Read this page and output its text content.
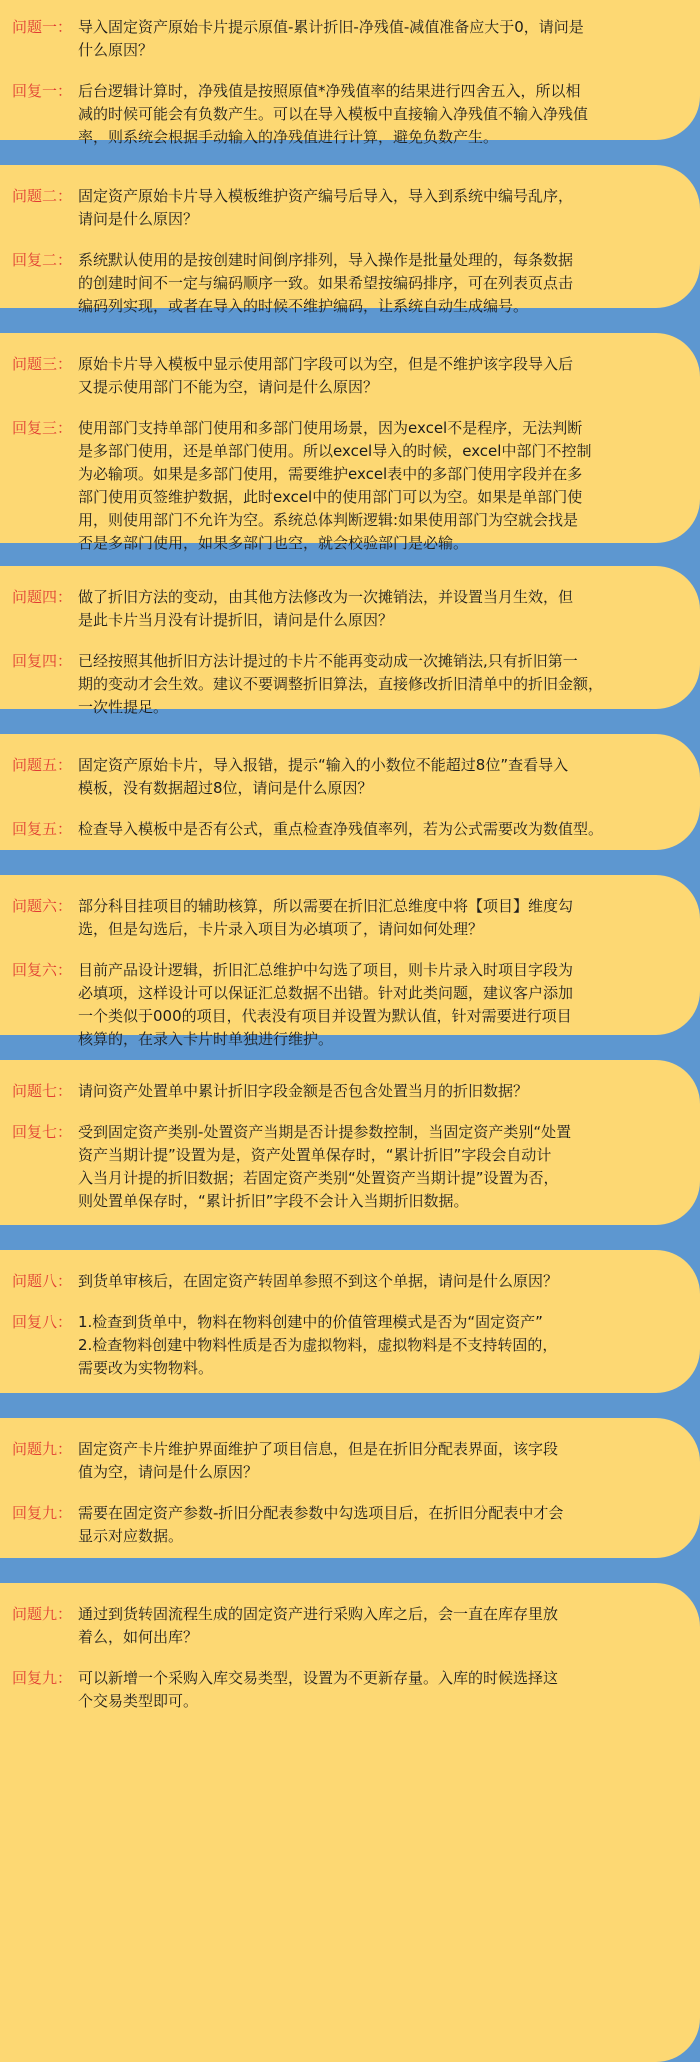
问题一： 导入固定资产原始卡片提示原值-累计折旧-净残值-减值准备应大于0，请问是
什么原因？
回复一： 后台逻辑计算时，净残值是按照原值*净残值率的结果进行四舍五入，所以相
减的时候可能会有负数产生。可以在导入模板中直接输入净残值不输入净残值
率，则系统会根据手动输入的净残值进行计算，避免负数产生。
问题二： 固定资产原始卡片导入模板维护资产编号后导入，导入到系统中编号乱序，
请问是什么原因？
回复二： 系统默认使用的是按创建时间倒序排列，导入操作是批量处理的，每条数据
的创建时间不一定与编码顺序一致。如果希望按编码排序，可在列表页点击
编码列实现，或者在导入的时候不维护编码，让系统自动生成编号。
问题三： 原始卡片导入模板中显示使用部门字段可以为空，但是不维护该字段导入后
又提示使用部门不能为空，请问是什么原因？
回复三： 使用部门支持单部门使用和多部门使用场景，因为excel不是程序，无法判断
是多部门使用，还是单部门使用。所以excel导入的时候，excel中部门不控制
为必输项。如果是多部门使用，需要维护excel表中的多部门使用字段并在多
部门使用页签维护数据，此时excel中的使用部门可以为空。如果是单部门使
用，则使用部门不允许为空。系统总体判断逻辑:如果使用部门为空就会找是
否是多部门使用，如果多部门也空，就会校验部门是必输。
问题四： 做了折旧方法的变动，由其他方法修改为一次摊销法，并设置当月生效，但
是此卡片当月没有计提折旧，请问是什么原因？
回复四： 已经按照其他折旧方法计提过的卡片不能再变动成一次摊销法,只有折旧第一
期的变动才会生效。建议不要调整折旧算法，直接修改折旧清单中的折旧金额，
一次性提足。
问题五： 固定资产原始卡片，导入报错，提示“输入的小数位不能超过8位”查看导入
模板，没有数据超过8位，请问是什么原因？
回复五： 检查导入模板中是否有公式，重点检查净残值率列，若为公式需要改为数值型。
问题六： 部分科目挂项目的辅助核算，所以需要在折旧汇总维度中将【项目】维度勾
选，但是勾选后，卡片录入项目为必填项了，请问如何处理？
回复六： 目前产品设计逻辑，折旧汇总维护中勾选了项目，则卡片录入时项目字段为
必填项，这样设计可以保证汇总数据不出错。针对此类问题，建议客户添加
一个类似于000的项目，代表没有项目并设置为默认值，针对需要进行项目
核算的，在录入卡片时单独进行维护。
问题七： 请问资产处置单中累计折旧字段金额是否包含处置当月的折旧数据？
回复七： 受到固定资产类别-处置资产当期是否计提参数控制，当固定资产类别“处置
资产当期计提”设置为是，资产处置单保存时，“累计折旧”字段会自动计
入当月计提的折旧数据；若固定资产类别“处置资产当期计提”设置为否，
则处置单保存时，“累计折旧”字段不会计入当期折旧数据。
问题八： 到货单审核后，在固定资产转固单参照不到这个单据，请问是什么原因？
回复八： 1.检查到货单中，物料在物料创建中的价值管理模式是否为“固定资产”
2.检查物料创建中物料性质是否为虚拟物料，虚拟物料是不支持转固的，
需要改为实物物料。
问题九： 固定资产卡片维护界面维护了项目信息，但是在折旧分配表界面，该字段
值为空，请问是什么原因？
回复九： 需要在固定资产参数-折旧分配表参数中勾选项目后，在折旧分配表中才会
显示对应数据。
问题九： 通过到货转固流程生成的固定资产进行采购入库之后，会一直在库存里放
着么，如何出库？
回复九： 可以新增一个采购入库交易类型，设置为不更新存量。入库的时候选择这
个交易类型即可。
